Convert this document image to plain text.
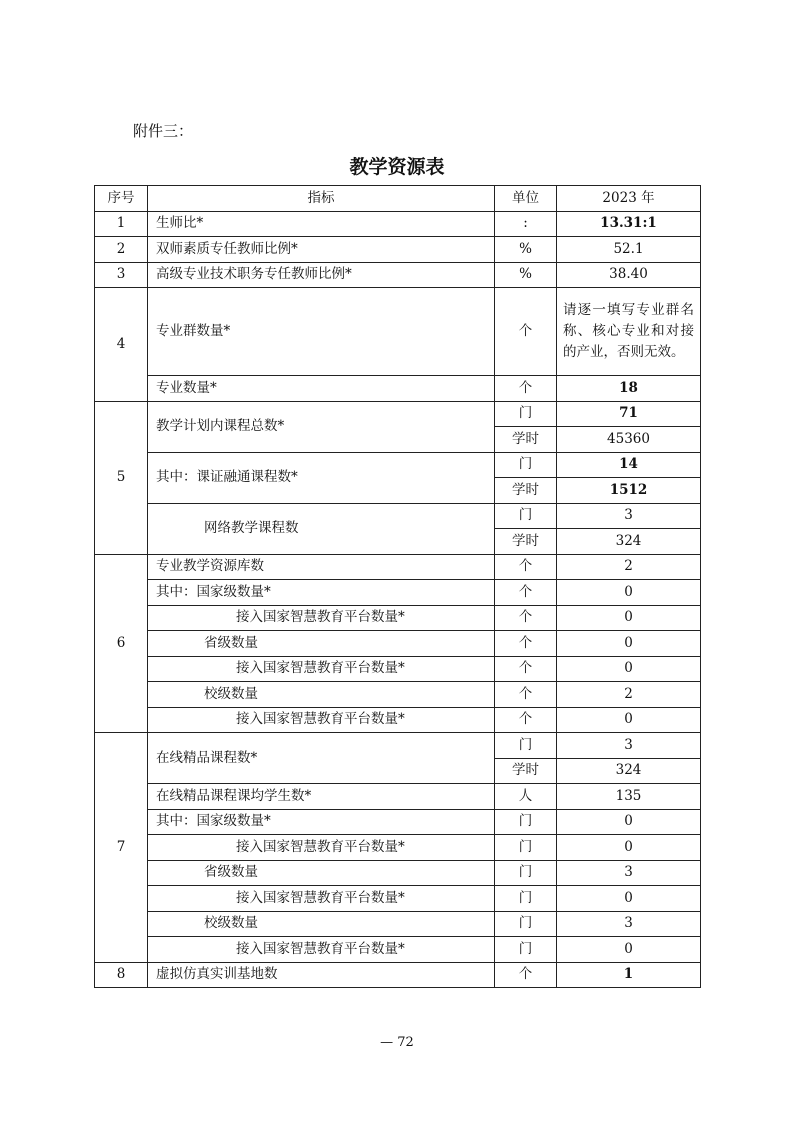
附件三：
教学资源表
序号	指标	单位	2023 年
1	生师比*	:	13.31:1
2	双师素质专任教师比例*	%	52.1
3	高级专业技术职务专任教师比例*	%	38.40
4	专业群数量*	个	请逐一填写专业群名称、核心专业和对接的产业，否则无效。
	专业数量*	个	18
5	教学计划内课程总数*	门	71
		学时	45360
	其中：课证融通课程数*	门	14
		学时	1512
	网络教学课程数	门	3
		学时	324
6	专业教学资源库数	个	2
	其中：国家级数量*	个	0
	接入国家智慧教育平台数量*	个	0
	省级数量	个	0
	接入国家智慧教育平台数量*	个	0
	校级数量	个	2
	接入国家智慧教育平台数量*	个	0
7	在线精品课程数*	门	3
		学时	324
	在线精品课程课均学生数*	人	135
	其中：国家级数量*	门	0
	接入国家智慧教育平台数量*	门	0
	省级数量	门	3
	接入国家智慧教育平台数量*	门	0
	校级数量	门	3
	接入国家智慧教育平台数量*	门	0
8	虚拟仿真实训基地数	个	1
— 72
